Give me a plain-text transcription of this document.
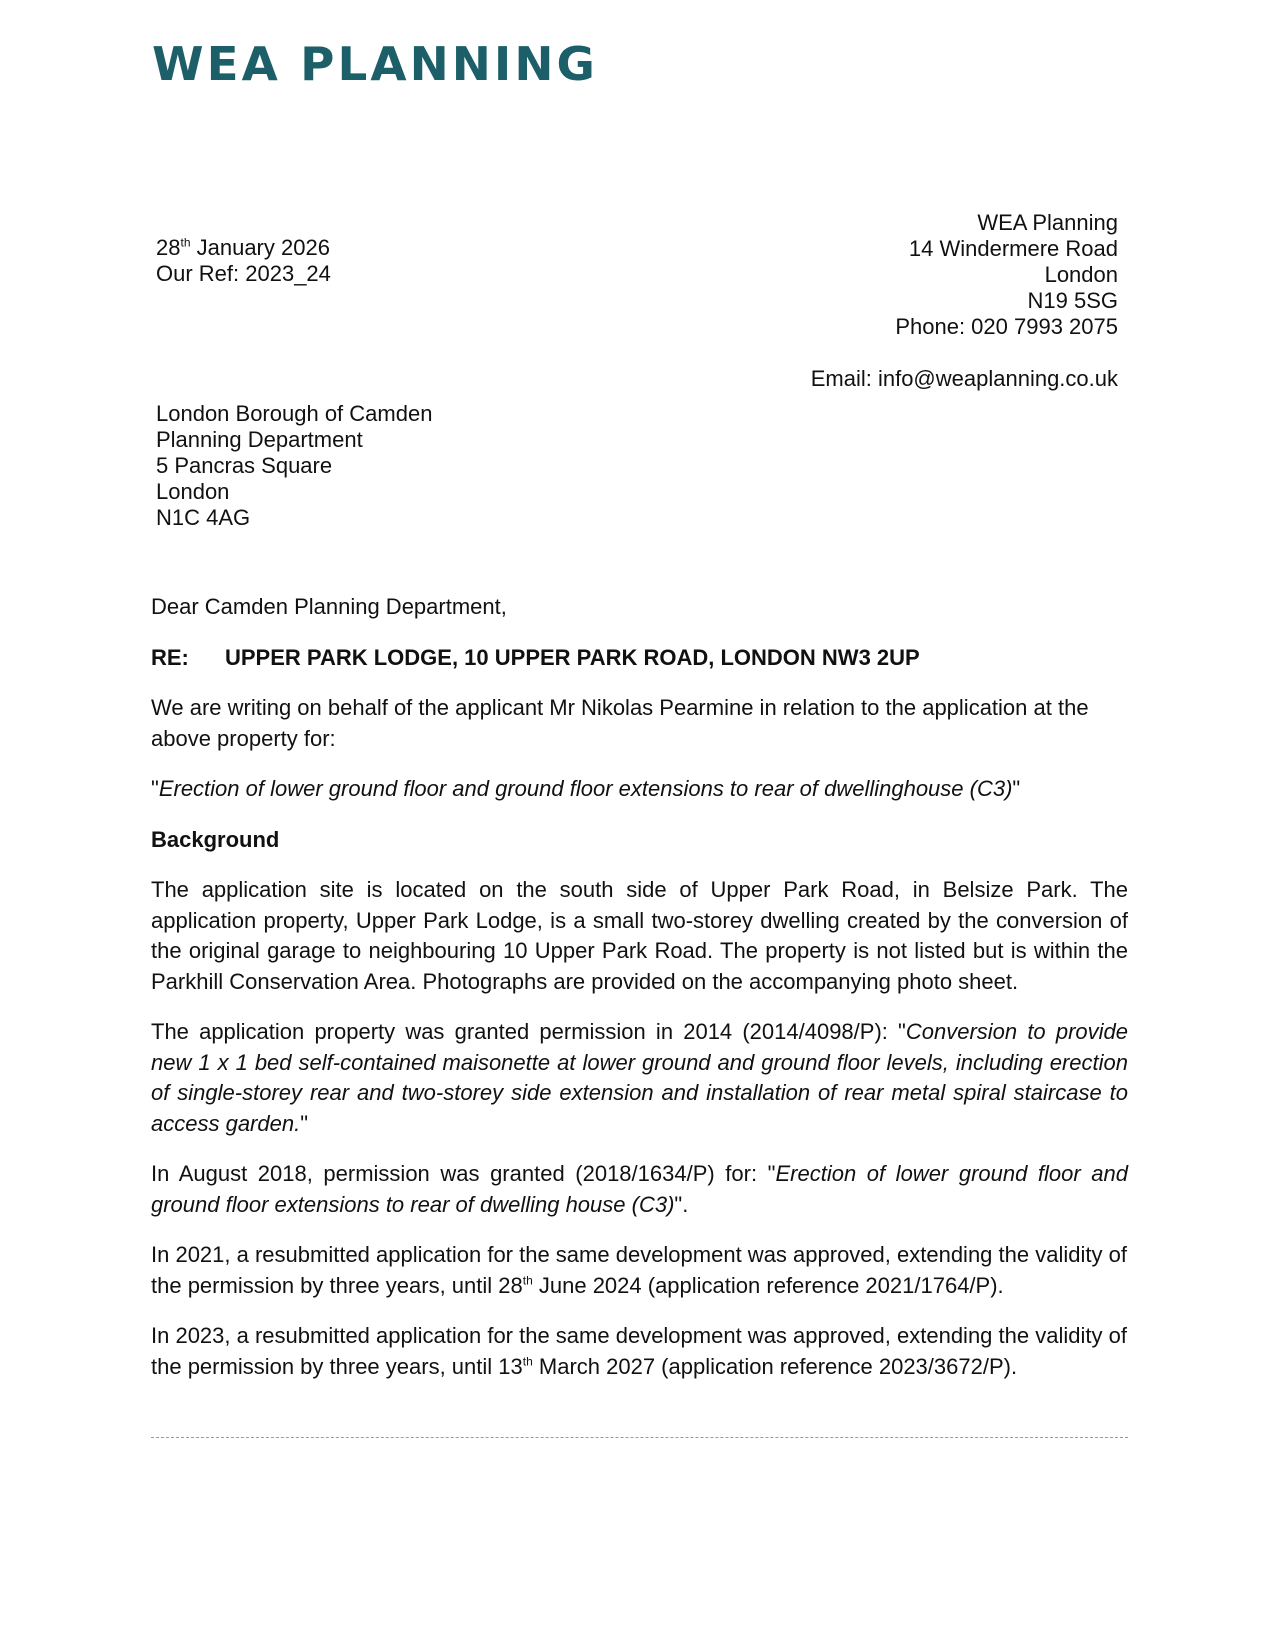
WEA PLANNING
28th January 2026
Our Ref: 2023_24
WEA Planning
14 Windermere Road
London
N19 5SG
Phone: 020 7993 2075
Email: info@weaplanning.co.uk
London Borough of Camden
Planning Department
5 Pancras Square
London
N1C 4AG

Dear Camden Planning Department,

RE:	UPPER PARK LODGE, 10 UPPER PARK ROAD, LONDON NW3 2UP

We are writing on behalf of the applicant Mr Nikolas Pearmine in relation to the application at the above property for:

"Erection of lower ground floor and ground floor extensions to rear of dwellinghouse (C3)"

Background

The application site is located on the south side of Upper Park Road, in Belsize Park. The application property, Upper Park Lodge, is a small two-storey dwelling created by the conversion of the original garage to neighbouring 10 Upper Park Road. The property is not listed but is within the Parkhill Conservation Area. Photographs are provided on the accompanying photo sheet.

The application property was granted permission in 2014 (2014/4098/P): "Conversion to provide new 1 x 1 bed self-contained maisonette at lower ground and ground floor levels, including erection of single-storey rear and two-storey side extension and installation of rear metal spiral staircase to access garden."

In August 2018, permission was granted (2018/1634/P) for: "Erection of lower ground floor and ground floor extensions to rear of dwelling house (C3)".

In 2021, a resubmitted application for the same development was approved, extending the validity of the permission by three years, until 28th June 2024 (application reference 2021/1764/P).

In 2023, a resubmitted application for the same development was approved, extending the validity of the permission by three years, until 13th March 2027 (application reference 2023/3672/P).
